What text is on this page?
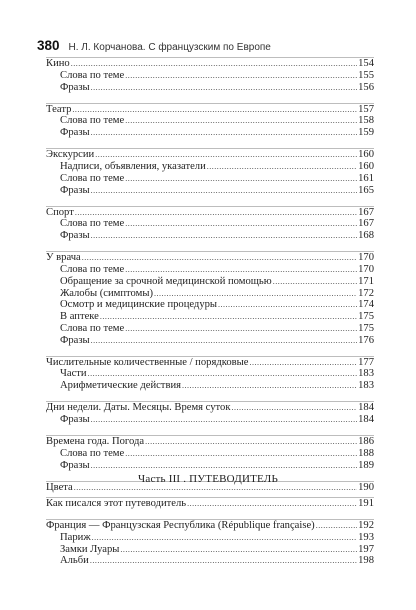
380 Н. Л. Корчанова. С французским по Европе
Кино .....	154
Слова по теме .....	155
Фразы .....	156
Театр .....	157
Слова по теме .....	158
Фразы .....	159
Экскурсии .....	160
Надписи, объявления, указатели .....	160
Слова по теме .....	161
Фразы .....	165
Спорт .....	167
Слова по теме .....	167
Фразы .....	168
У врача .....	170
Слова по теме .....	170
Обращение за срочной медицинской помощью .....	171
Жалобы (симптомы) .....	172
Осмотр и медицинские процедуры .....	174
В аптеке .....	175
Слова по теме .....	175
Фразы .....	176
Числительные количественные / порядковые .....	177
Части .....	183
Арифметические действия .....	183
Дни недели. Даты. Месяцы. Время суток .....	184
Фразы .....	184
Времена года. Погода .....	186
Слова по теме .....	188
Фразы .....	189
Цвета .....	190
Часть III . ПУТЕВОДИТЕЛЬ
Как писался этот путеводитель .....	191
Франция — Французская Республика (République française) .....	192
Париж .....	193
Замки Луары .....	197
Альби .....	198
